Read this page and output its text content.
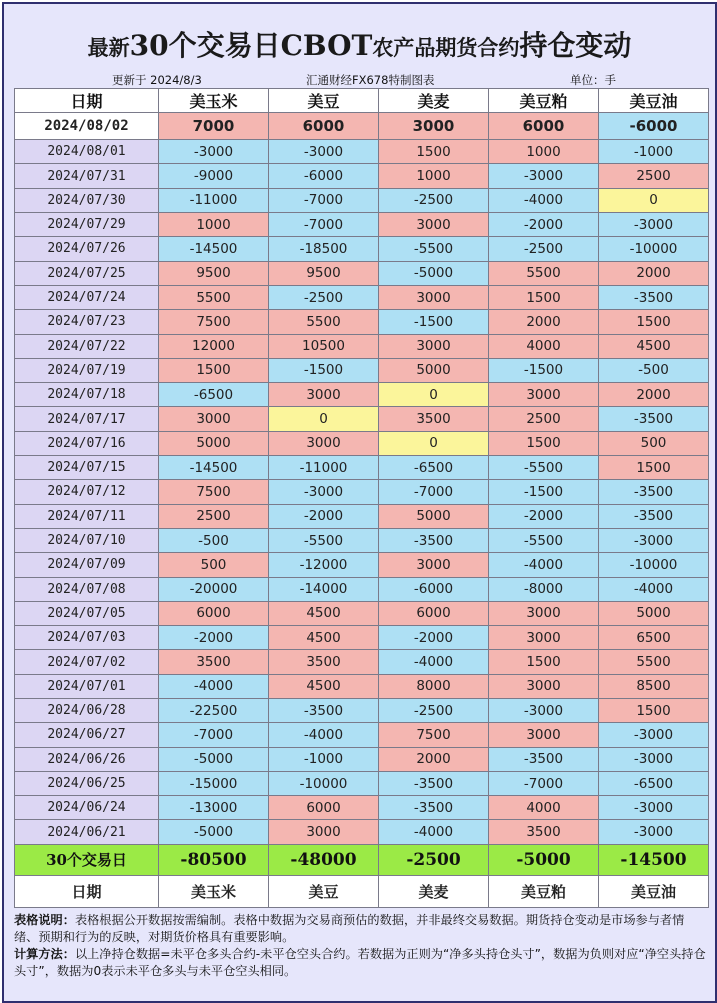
最新30个交易日CBOT农产品期货合约持仓变动
更新于 2024/8/3	汇通财经FX678特制图表	单位：手
日期	美玉米	美豆	美麦	美豆粕	美豆油
2024/08/02	7000	6000	3000	6000	-6000
2024/08/01	-3000	-3000	1500	1000	-1000
2024/07/31	-9000	-6000	1000	-3000	2500
2024/07/30	-11000	-7000	-2500	-4000	0
2024/07/29	1000	-7000	3000	-2000	-3000
2024/07/26	-14500	-18500	-5500	-2500	-10000
2024/07/25	9500	9500	-5000	5500	2000
2024/07/24	5500	-2500	3000	1500	-3500
2024/07/23	7500	5500	-1500	2000	1500
2024/07/22	12000	10500	3000	4000	4500
2024/07/19	1500	-1500	5000	-1500	-500
2024/07/18	-6500	3000	0	3000	2000
2024/07/17	3000	0	3500	2500	-3500
2024/07/16	5000	3000	0	1500	500
2024/07/15	-14500	-11000	-6500	-5500	1500
2024/07/12	7500	-3000	-7000	-1500	-3500
2024/07/11	2500	-2000	5000	-2000	-3500
2024/07/10	-500	-5500	-3500	-5500	-3000
2024/07/09	500	-12000	3000	-4000	-10000
2024/07/08	-20000	-14000	-6000	-8000	-4000
2024/07/05	6000	4500	6000	3000	5000
2024/07/03	-2000	4500	-2000	3000	6500
2024/07/02	3500	3500	-4000	1500	5500
2024/07/01	-4000	4500	8000	3000	8500
2024/06/28	-22500	-3500	-2500	-3000	1500
2024/06/27	-7000	-4000	7500	3000	-3000
2024/06/26	-5000	-1000	2000	-3500	-3000
2024/06/25	-15000	-10000	-3500	-7000	-6500
2024/06/24	-13000	6000	-3500	4000	-3000
2024/06/21	-5000	3000	-4000	3500	-3000
30个交易日	-80500	-48000	-2500	-5000	-14500
日期	美玉米	美豆	美麦	美豆粕	美豆油
表格说明：表格根据公开数据按需编制。表格中数据为交易商预估的数据，并非最终交易数据。期货持仓变动是市场参与者情绪、预期和行为的反映，对期货价格具有重要影响。
计算方法：以上净持仓数据=未平仓多头合约-未平仓空头合约。若数据为正则为“净多头持仓头寸”，数据为负则对应“净空头持仓头寸”，数据为0表示未平仓多头与未平仓空头相同。
